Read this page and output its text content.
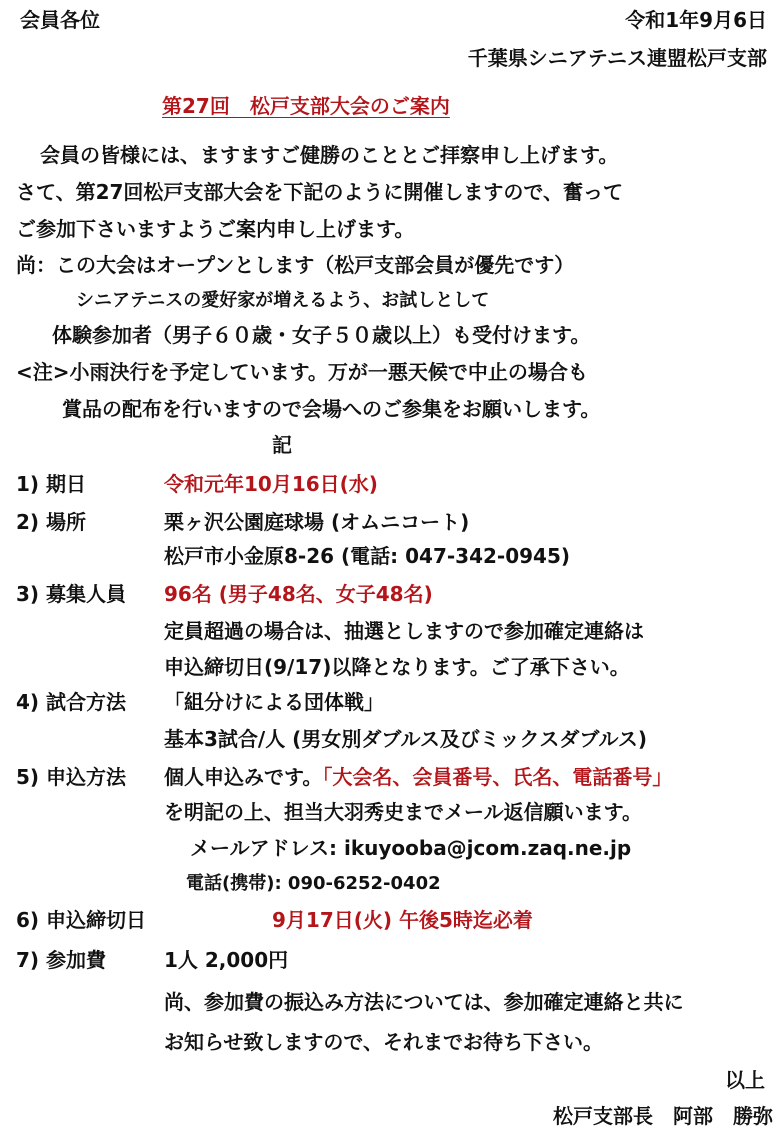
会員各位	令和1年9月6日
千葉県シニアテニス連盟松戸支部
第27回　松戸支部大会のご案内
会員の皆様には、ますますご健勝のこととご拝察申し上げます。
さて、第27回松戸支部大会を下記のように開催しますので、奮って
ご参加下さいますようご案内申し上げます。
尚：この大会はオープンとします（松戸支部会員が優先です）
シニアテニスの愛好家が増えるよう、お試しとして
体験参加者（男子６０歳・女子５０歳以上）も受付けます。
<注>小雨決行を予定しています。万が一悪天候で中止の場合も
賞品の配布を行いますので会場へのご参集をお願いします。
記
1) 期日	令和元年10月16日(水)
2) 場所	栗ヶ沢公園庭球場 (オムニコート)
松戸市小金原8-26 (電話: 047-342-0945)
3) 募集人員 96名 (男子48名、女子48名)
定員超過の場合は、抽選としますので参加確定連絡は
申込締切日(9/17)以降となります。ご了承下さい。
4) 試合方法 「組分けによる団体戦」
基本3試合/人 (男女別ダブルス及びミックスダブルス)
5) 申込方法 個人申込みです。「大会名、会員番号、氏名、電話番号」
を明記の上、担当大羽秀史までメール返信願います。
メールアドレス: ikuyooba@jcom.zaq.ne.jp
電話(携帯): 090-6252-0402
6) 申込締切日	9月17日(火) 午後5時迄必着
7) 参加費	1人 2,000円
尚、参加費の振込み方法については、参加確定連絡と共に
お知らせ致しますので、それまでお待ち下さい。
以上
松戸支部長　阿部　勝弥
